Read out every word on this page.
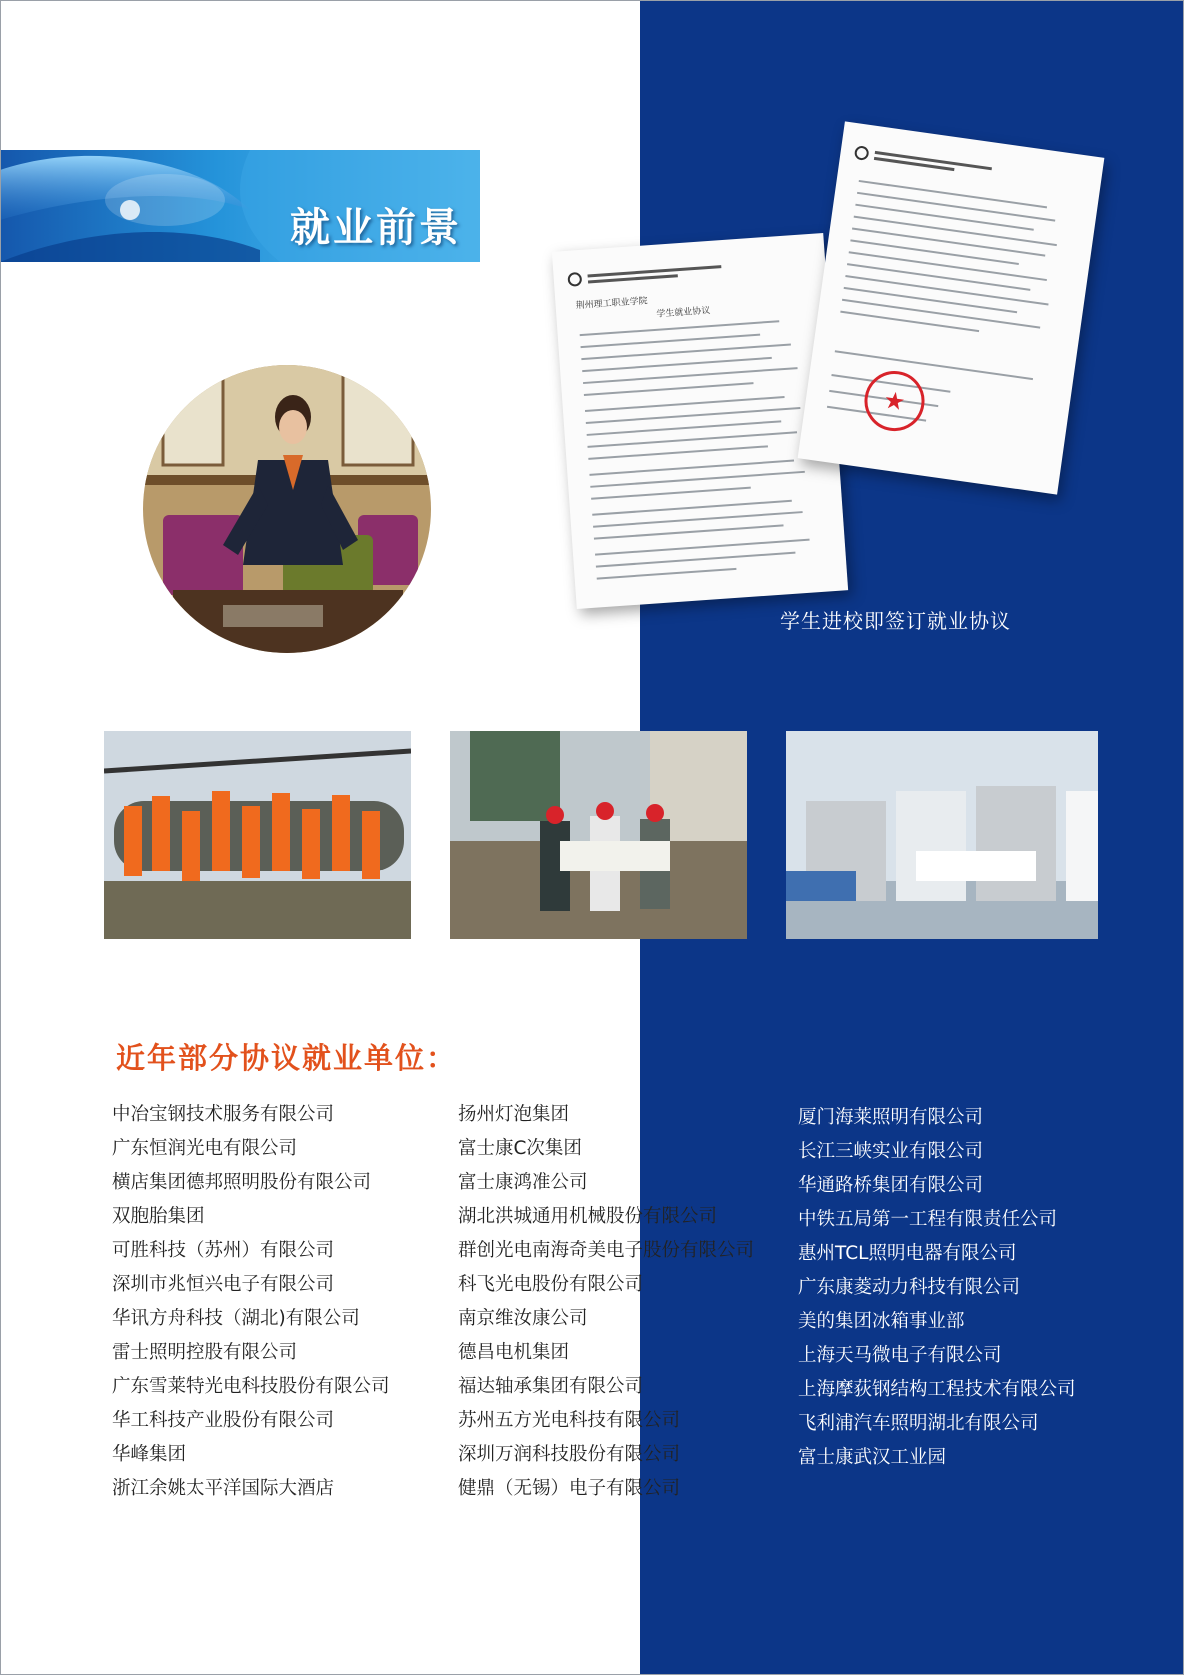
就业前景
荆州理工职业学院
学生就业协议
★
学生进校即签订就业协议
近年部分协议就业单位：
中冶宝钢技术服务有限公司
广东恒润光电有限公司
横店集团德邦照明股份有限公司
双胞胎集团
可胜科技（苏州）有限公司
深圳市兆恒兴电子有限公司
华讯方舟科技（湖北)有限公司
雷士照明控股有限公司
广东雪莱特光电科技股份有限公司
华工科技产业股份有限公司
华峰集团
浙江余姚太平洋国际大酒店
扬州灯泡集团
富士康C次集团
富士康鸿准公司
湖北洪城通用机械股份有限公司
群创光电南海奇美电子股份有限公司
科飞光电股份有限公司
南京维汝康公司
德昌电机集团
福达轴承集团有限公司
苏州五方光电科技有限公司
深圳万润科技股份有限公司
健鼎（无锡）电子有限公司
厦门海莱照明有限公司
长江三峡实业有限公司
华通路桥集团有限公司
中铁五局第一工程有限责任公司
惠州TCL照明电器有限公司
广东康菱动力科技有限公司
美的集团冰箱事业部
上海天马微电子有限公司
上海摩荻钢结构工程技术有限公司
飞利浦汽车照明湖北有限公司
富士康武汉工业园
